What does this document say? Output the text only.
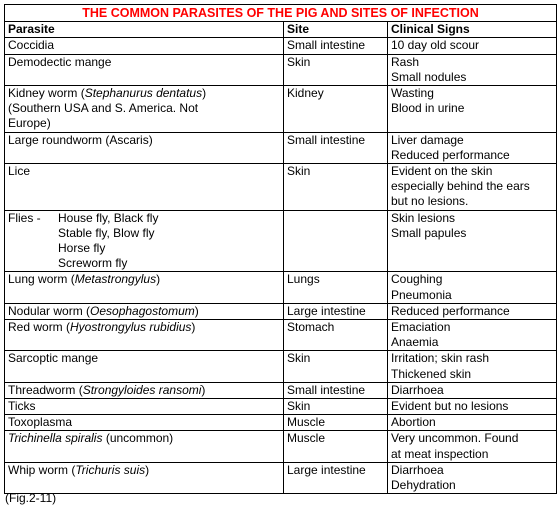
THE COMMON PARASITES OF THE PIG AND SITES OF INFECTION		
Parasite	Site	Clinical Signs

Coccidia	Small intestine	10 day old scour

Demodectic mange	Skin	Rash
Small nodules

Kidney worm (Stephanurus dentatus)
(Southern USA and S. America. Not
Europe)	Kidney	Wasting
Blood in urine

Large roundworm (Ascaris)	Small intestine	Liver damage
Reduced performance

Lice	Skin	Evident on the skin
especially behind the ears
but no lesions.

Flies - House fly, Black fly
Stable fly, Blow fly
Horse fly
Screworm fly		Skin lesions
Small papules

Lung worm (Metastrongylus)	Lungs	Coughing
Pneumonia

Nodular worm (Oesophagostomum)	Large intestine	Reduced performance

Red worm (Hyostrongylus rubidius)	Stomach	Emaciation
Anaemia

Sarcoptic mange	Skin	Irritation; skin rash
Thickened skin

Threadworm (Strongyloides ransomi)	Small intestine	Diarrhoea

Ticks	Skin	Evident but no lesions

Toxoplasma	Muscle	Abortion

Trichinella spiralis (uncommon)	Muscle	Very uncommon. Found
at meat inspection

Whip worm (Trichuris suis)	Large intestine	Diarrhoea
Dehydration
(Fig.2-11)
